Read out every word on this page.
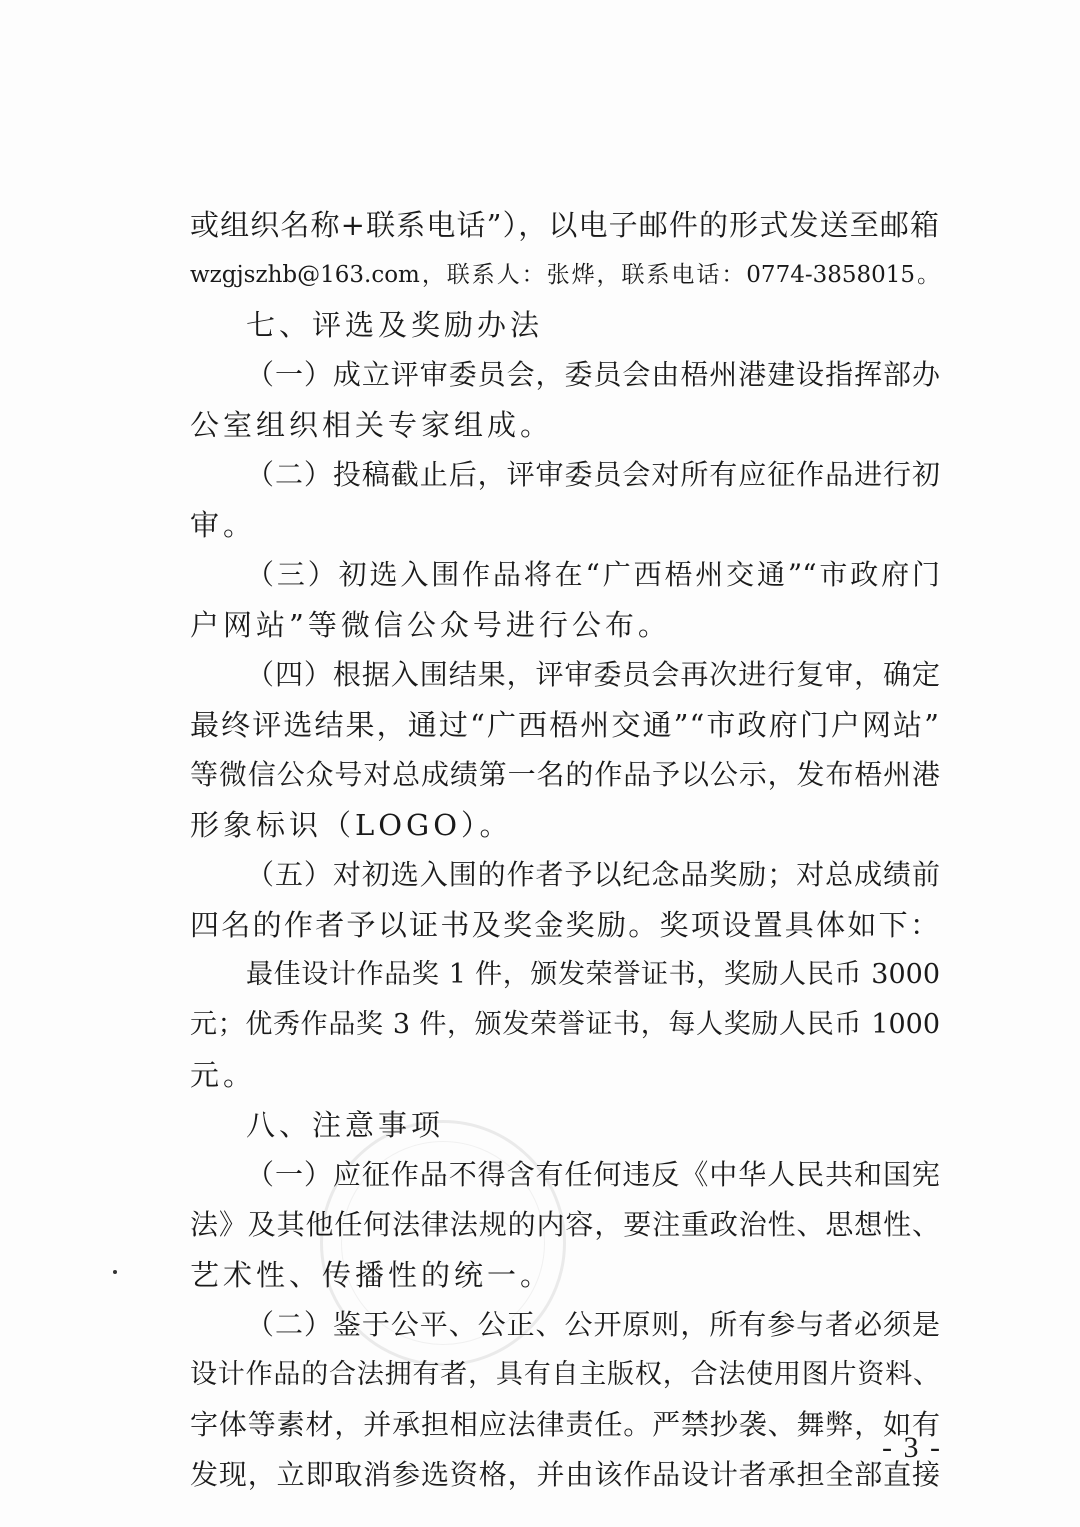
或组织名称+联系电话”），以电子邮件的形式发送至邮箱
wzgjszhb@163.com，联系人：张烨，联系电话：0774-3858015。
七、评选及奖励办法
（一）成立评审委员会，委员会由梧州港建设指挥部办
公室组织相关专家组成。
（二）投稿截止后，评审委员会对所有应征作品进行初
审。
（三）初选入围作品将在“广西梧州交通”“市政府门
户网站”等微信公众号进行公布。
（四）根据入围结果，评审委员会再次进行复审，确定
最终评选结果，通过“广西梧州交通”“市政府门户网站”
等微信公众号对总成绩第一名的作品予以公示，发布梧州港
形象标识（LOGO）。
（五）对初选入围的作者予以纪念品奖励；对总成绩前
四名的作者予以证书及奖金奖励。奖项设置具体如下：
最佳设计作品奖 1 件，颁发荣誉证书，奖励人民币 3000
元；优秀作品奖 3 件，颁发荣誉证书，每人奖励人民币 1000
元。
八、注意事项
（一）应征作品不得含有任何违反《中华人民共和国宪
法》及其他任何法律法规的内容，要注重政治性、思想性、
艺术性、传播性的统一。
（二）鉴于公平、公正、公开原则，所有参与者必须是
设计作品的合法拥有者，具有自主版权，合法使用图片资料、
字体等素材，并承担相应法律责任。严禁抄袭、舞弊，如有
发现，立即取消参选资格，并由该作品设计者承担全部直接
- 3 -
